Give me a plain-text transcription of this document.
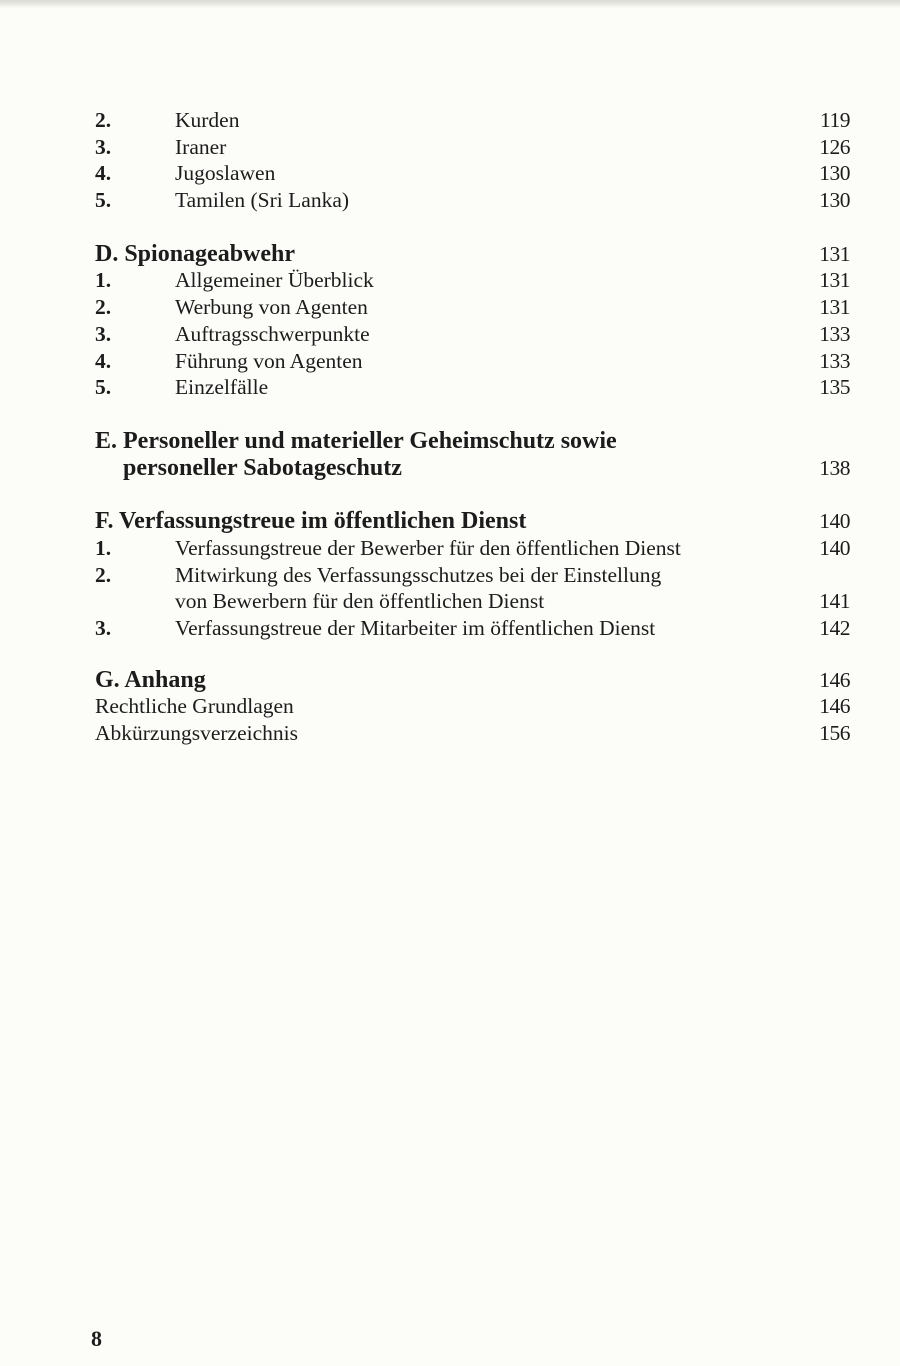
2.	Kurden	119
3.	Iraner	126
4.	Jugoslawen	130
5.	Tamilen (Sri Lanka)	130
D. Spionageabwehr	131
1.	Allgemeiner Überblick	131
2.	Werbung von Agenten	131
3.	Auftragsschwerpunkte	133
4.	Führung von Agenten	133
5.	Einzelfälle	135
E. Personeller und materieller Geheimschutz sowie
personeller Sabotageschutz	138
F. Verfassungstreue im öffentlichen Dienst	140
1.	Verfassungstreue der Bewerber für den öffentlichen Dienst	140
2.	Mitwirkung des Verfassungsschutzes bei der Einstellung
von Bewerbern für den öffentlichen Dienst	141
3.	Verfassungstreue der Mitarbeiter im öffentlichen Dienst	142
G. Anhang	146
Rechtliche Grundlagen	146
Abkürzungsverzeichnis	156
8
